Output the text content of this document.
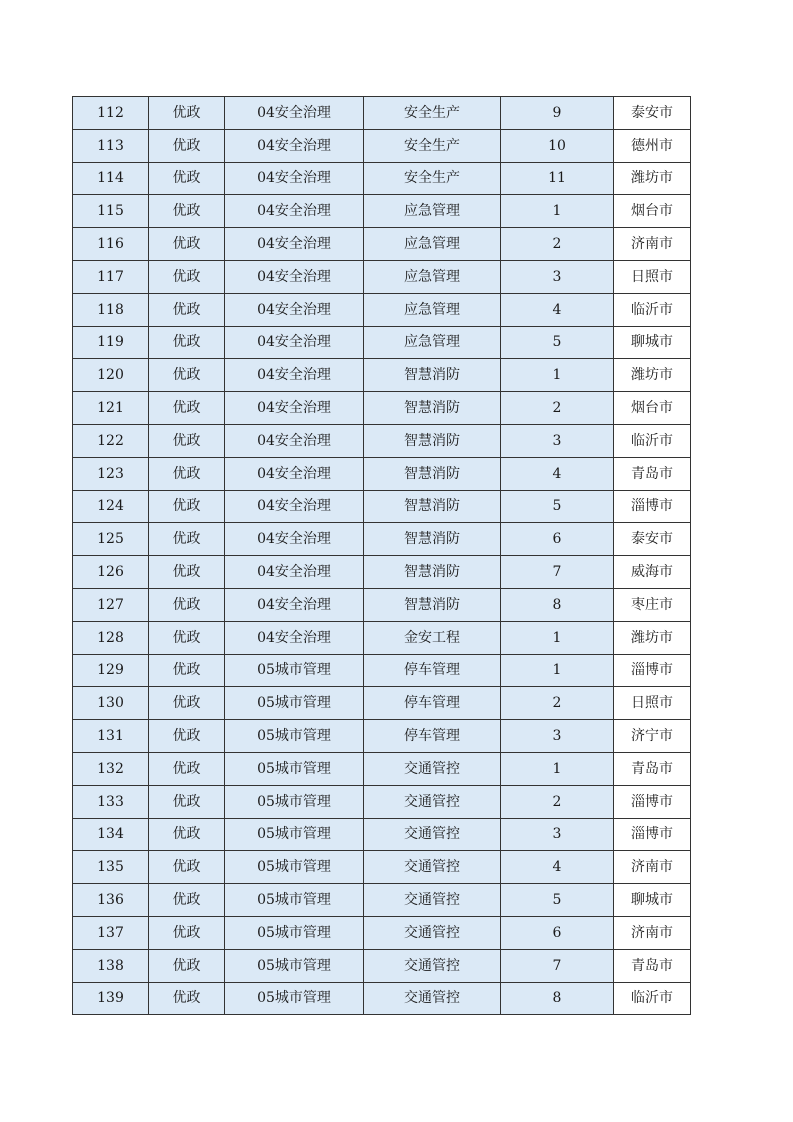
112	优政	04安全治理	安全生产	9	泰安市
113	优政	04安全治理	安全生产	10	德州市
114	优政	04安全治理	安全生产	11	潍坊市
115	优政	04安全治理	应急管理	1	烟台市
116	优政	04安全治理	应急管理	2	济南市
117	优政	04安全治理	应急管理	3	日照市
118	优政	04安全治理	应急管理	4	临沂市
119	优政	04安全治理	应急管理	5	聊城市
120	优政	04安全治理	智慧消防	1	潍坊市
121	优政	04安全治理	智慧消防	2	烟台市
122	优政	04安全治理	智慧消防	3	临沂市
123	优政	04安全治理	智慧消防	4	青岛市
124	优政	04安全治理	智慧消防	5	淄博市
125	优政	04安全治理	智慧消防	6	泰安市
126	优政	04安全治理	智慧消防	7	威海市
127	优政	04安全治理	智慧消防	8	枣庄市
128	优政	04安全治理	金安工程	1	潍坊市
129	优政	05城市管理	停车管理	1	淄博市
130	优政	05城市管理	停车管理	2	日照市
131	优政	05城市管理	停车管理	3	济宁市
132	优政	05城市管理	交通管控	1	青岛市
133	优政	05城市管理	交通管控	2	淄博市
134	优政	05城市管理	交通管控	3	淄博市
135	优政	05城市管理	交通管控	4	济南市
136	优政	05城市管理	交通管控	5	聊城市
137	优政	05城市管理	交通管控	6	济南市
138	优政	05城市管理	交通管控	7	青岛市
139	优政	05城市管理	交通管控	8	临沂市
